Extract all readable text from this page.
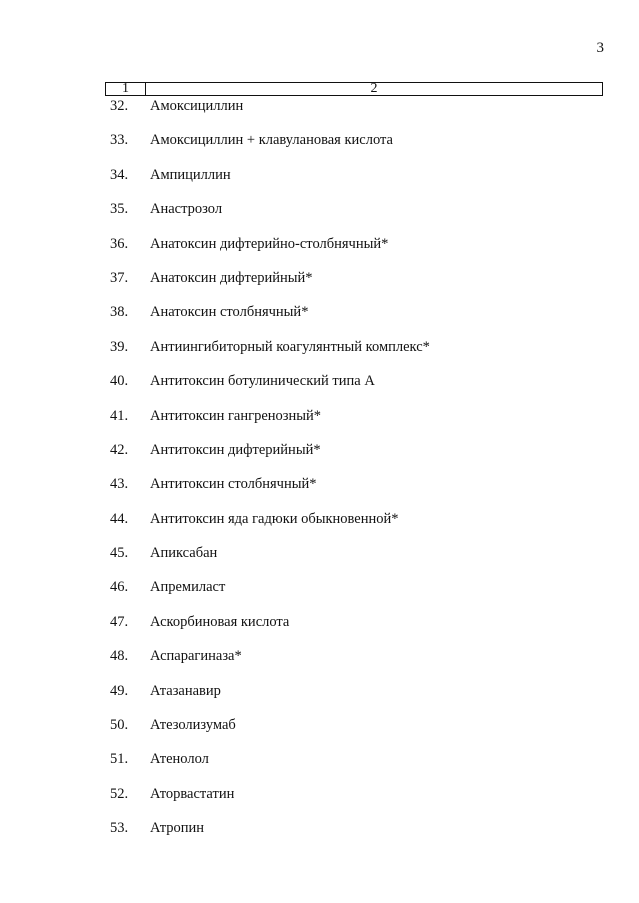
3
1	2
32.	Амоксициллин
33.	Амоксициллин + клавулановая кислота
34.	Ампициллин
35.	Анастрозол
36.	Анатоксин дифтерийно-столбнячный*
37.	Анатоксин дифтерийный*
38.	Анатоксин столбнячный*
39.	Антиингибиторный коагулянтный комплекс*
40.	Антитоксин ботулинический типа А
41.	Антитоксин гангренозный*
42.	Антитоксин дифтерийный*
43.	Антитоксин столбнячный*
44.	Антитоксин яда гадюки обыкновенной*
45.	Апиксабан
46.	Апремиласт
47.	Аскорбиновая кислота
48.	Аспарагиназа*
49.	Атазанавир
50.	Атезолизумаб
51.	Атенолол
52.	Аторвастатин
53.	Атропин
